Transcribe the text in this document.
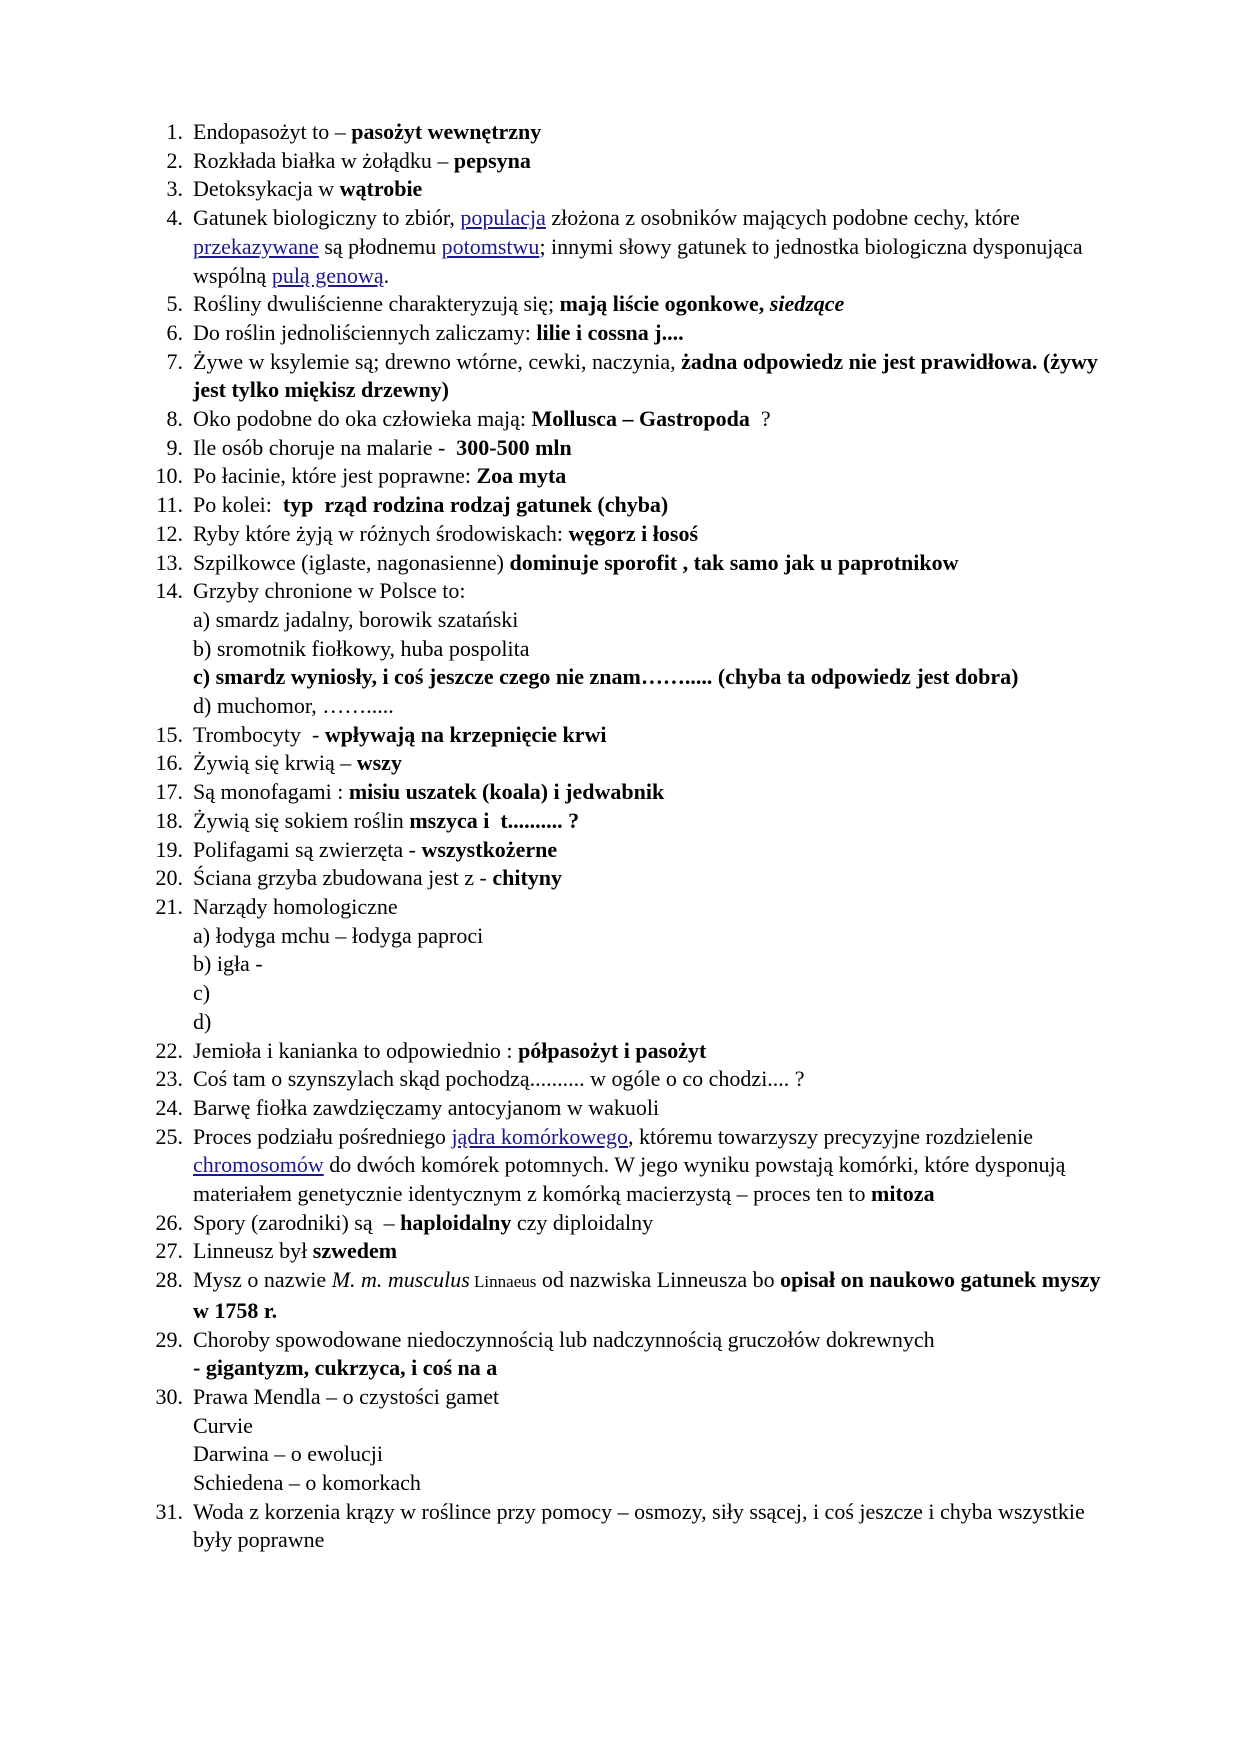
1. Endopasożyt to – pasożyt wewnętrzny
2. Rozkłada białka w żołądku – pepsyna
3. Detoksykacja w wątrobie
4. Gatunek biologiczny to zbiór, populacja złożona z osobników mających podobne cechy, które przekazywane są płodnemu potomstwu; innymi słowy gatunek to jednostka biologiczna dysponująca wspólną pulą genową.
5. Rośliny dwuliścienne charakteryzują się; mają liście ogonkowe, siedzące
6. Do roślin jednoliściennych zaliczamy: lilie i cossna j....
7. Żywe w ksylemie są; drewno wtórne, cewki, naczynia, żadna odpowiedz nie jest prawidłowa. (żywy jest tylko miękisz drzewny)
8. Oko podobne do oka człowieka mają: Mollusca – Gastropoda  ?
9. Ile osób choruje na malarie -  300-500 mln
10. Po łacinie, które jest poprawne: Zoa myta
11. Po kolei:  typ  rząd rodzina rodzaj gatunek (chyba)
12. Ryby które żyją w różnych środowiskach: węgorz i łosoś
13. Szpilkowce (iglaste, nagonasienne) dominuje sporofit , tak samo jak u paprotnikow
14. Grzyby chronione w Polsce to:
a) smardz jadalny, borowik szatański
b) sromotnik fiołkowy, huba pospolita
c) smardz wyniosły, i coś jeszcze czego nie znam……..... (chyba ta odpowiedz jest dobra)
d) muchomor, …….....
15. Trombocyty  - wpływają na krzepnięcie krwi
16. Żywią się krwią – wszy
17. Są monofagami : misiu uszatek (koala) i jedwabnik
18. Żywią się sokiem roślin mszyca i  t.......... ?
19. Polifagami są zwierzęta - wszystkożerne
20. Ściana grzyba zbudowana jest z - chityny
21. Narządy homologiczne
a) łodyga mchu – łodyga paproci
b) igła -
c)
d)
22. Jemioła i kanianka to odpowiednio : półpasożyt i pasożyt
23. Coś tam o szynszylach skąd pochodzą.......... w ogóle o co chodzi.... ?
24. Barwę fiołka zawdzięczamy antocyjanom w wakuoli
25. Proces podziału pośredniego jądra komórkowego, któremu towarzyszy precyzyjne rozdzielenie chromosomów do dwóch komórek potomnych. W jego wyniku powstają komórki, które dysponują materiałem genetycznie identycznym z komórką macierzystą – proces ten to mitoza
26. Spory (zarodniki) są  – haploidalny czy diploidalny
27. Linneusz był szwedem
28. Mysz o nazwie M. m. musculus Linnaeus od nazwiska Linneusza bo opisał on naukowo gatunek myszy w 1758 r.
29. Choroby spowodowane niedoczynnością lub nadczynnością gruczołów dokrewnych
- gigantyzm, cukrzyca, i coś na a
30. Prawa Mendla – o czystości gamet
Curvie
Darwina – o ewolucji
Schiedena – o komorkach
31. Woda z korzenia krązy w roślince przy pomocy – osmozy, siły ssącej, i coś jeszcze i chyba wszystkie były poprawne
